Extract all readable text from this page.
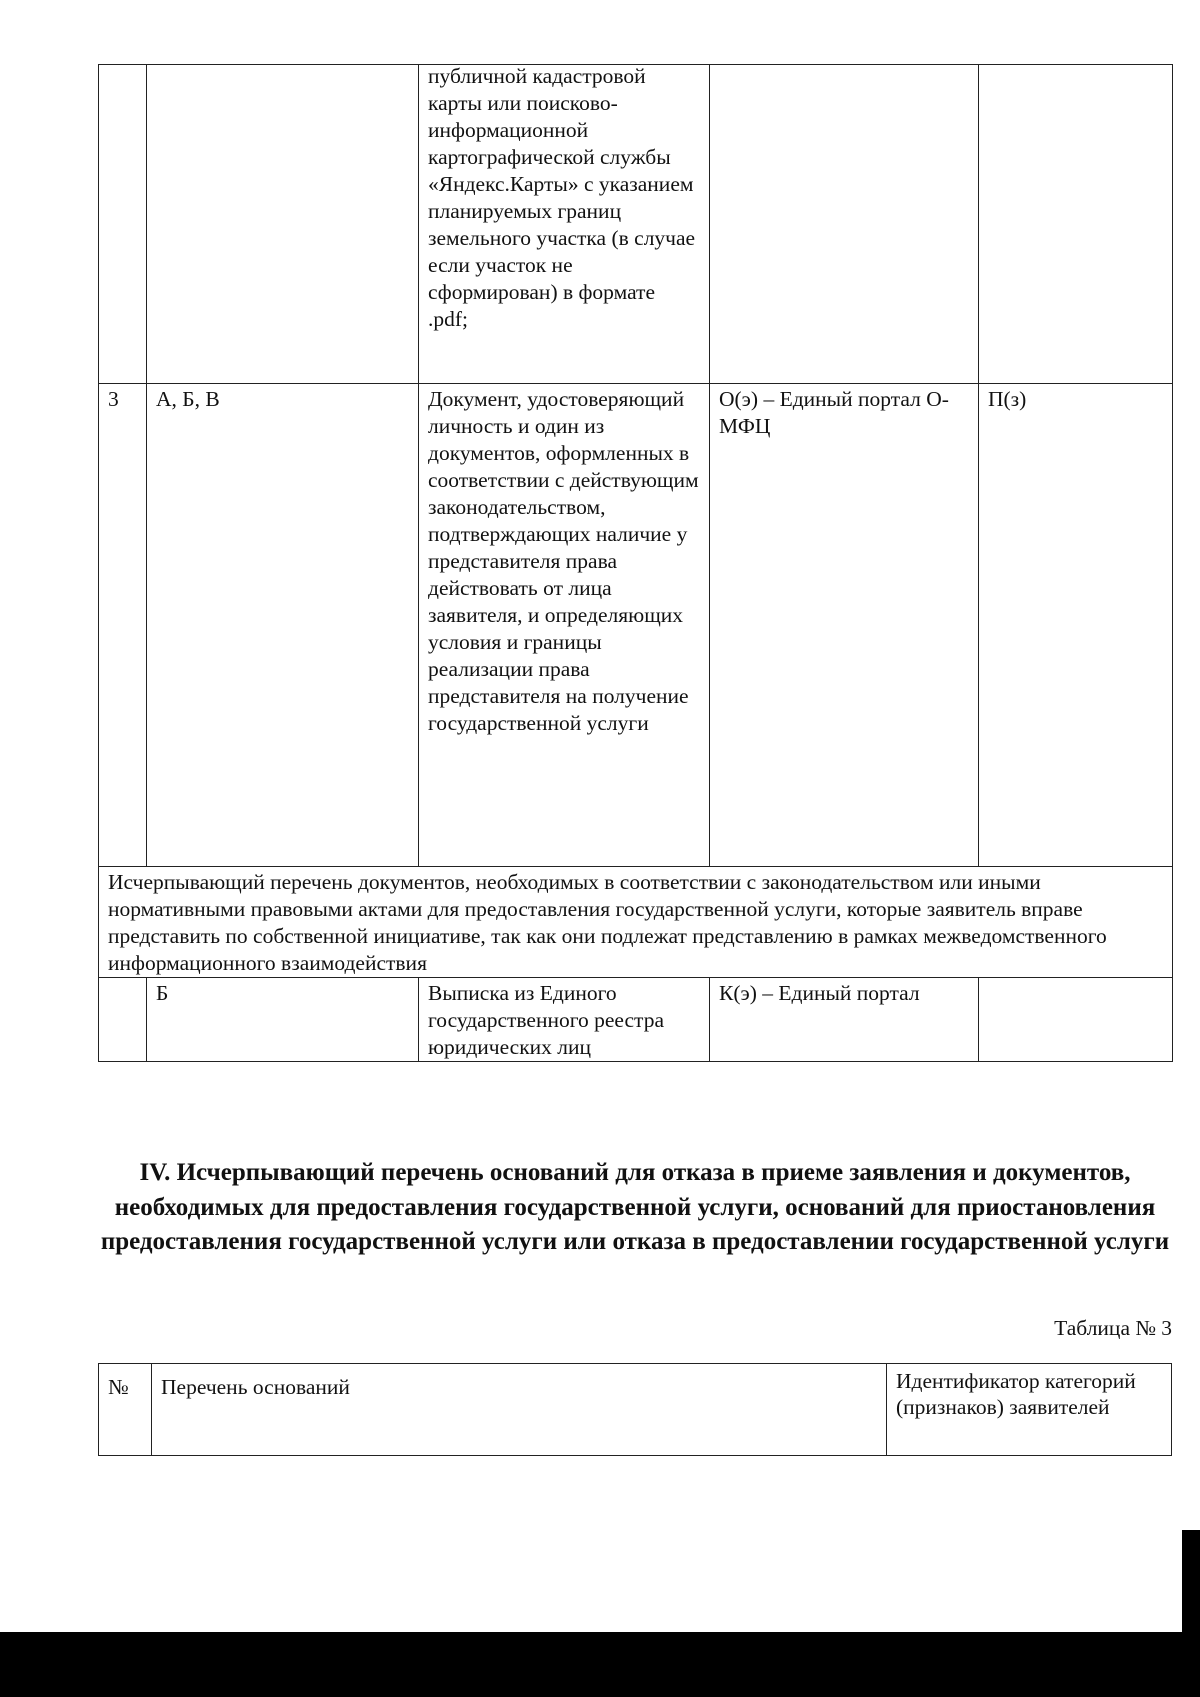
		публичной кадастровой карты или поисково-информационной картографической службы «Яндекс.Карты» с указанием планируемых границ земельного участка (в случае если участок не сформирован) в формате .pdf;		

3	А, Б, В	Документ, удостоверяющий личность и один из документов, оформленных в соответствии с действующим законодательством, подтверждающих наличие у представителя права действовать от лица заявителя, и определяющих условия и границы реализации права представителя на получение государственной услуги	О(э) – Единый портал О-МФЦ	П(з)
Исчерпывающий перечень документов, необходимых в соответствии с законодательством или иными нормативными правовыми актами для предоставления государственной услуги, которые заявитель вправе представить по собственной инициативе, так как они подлежат представлению в рамках межведомственного информационного взаимодействия				
	Б	Выписка из Единого государственного реестра юридических лиц	К(э) – Единый портал	
IV. Исчерпывающий перечень оснований для отказа в приеме заявления и документов, необходимых для предоставления государственной услуги, оснований для приостановления предоставления государственной услуги или отказа в предоставлении государственной услуги
Таблица № 3
№	Перечень оснований	Идентификатор категорий (признаков) заявителей
